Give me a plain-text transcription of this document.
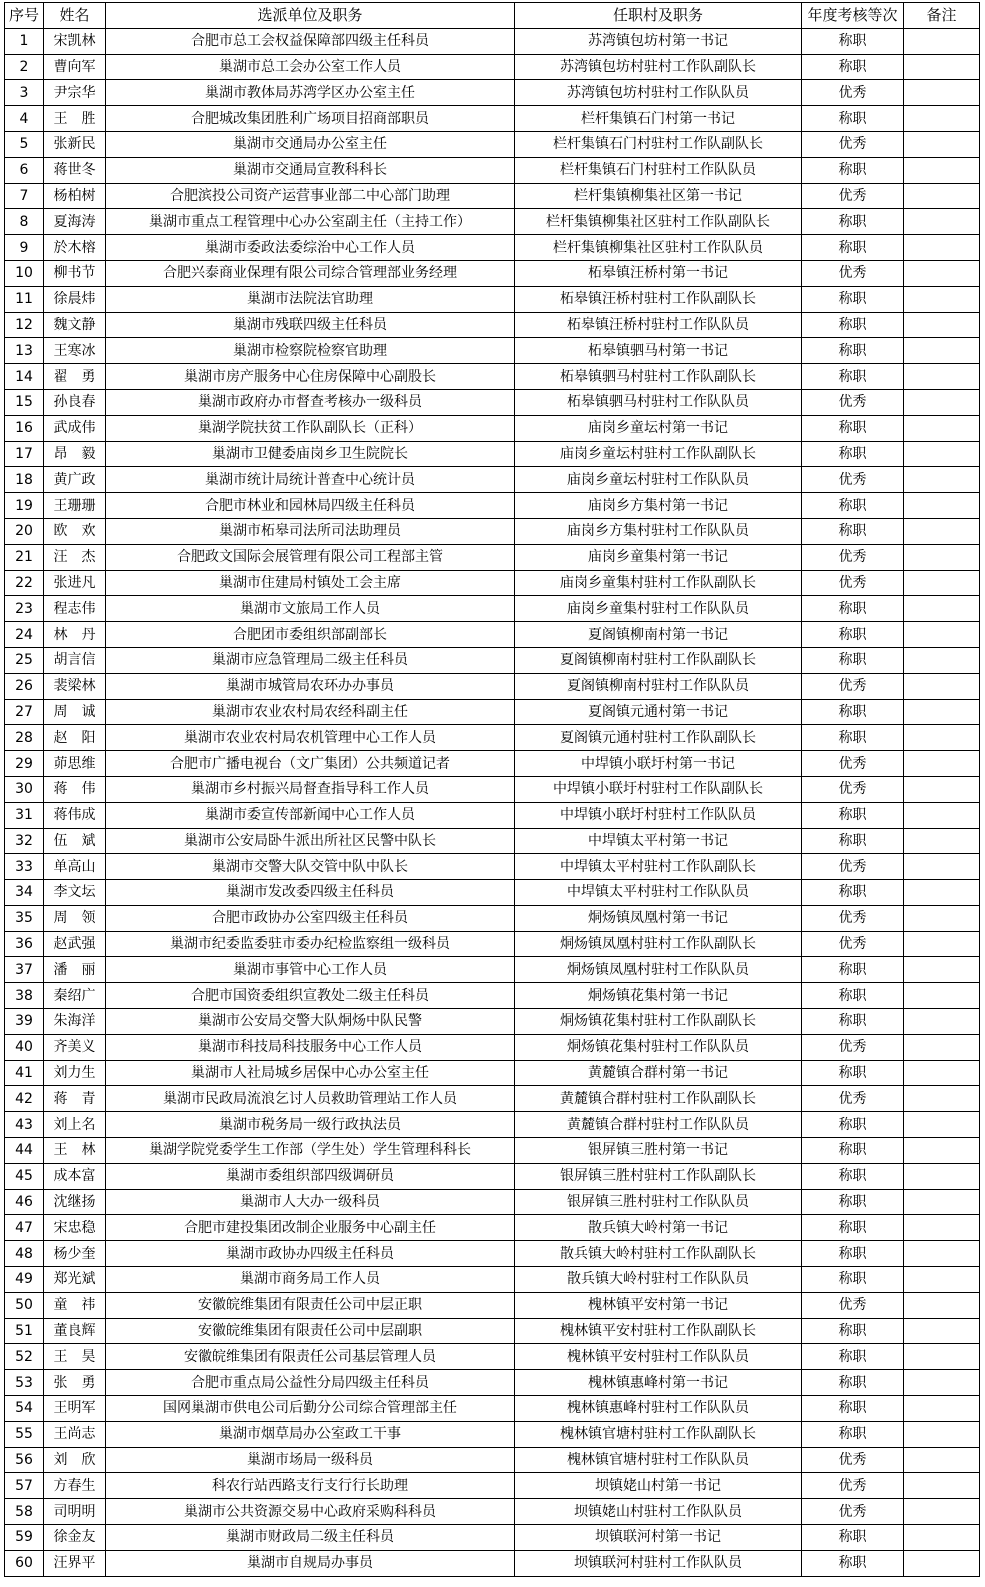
序号	姓名	选派单位及职务	任职村及职务	年度考核等次	备注
1	宋凯林	合肥市总工会权益保障部四级主任科员	苏湾镇包坊村第一书记	称职	
2	曹向军	巢湖市总工会办公室工作人员	苏湾镇包坊村驻村工作队副队长	称职	
3	尹宗华	巢湖市教体局苏湾学区办公室主任	苏湾镇包坊村驻村工作队队员	优秀	
4	王　胜	合肥城改集团胜利广场项目招商部职员	栏杆集镇石门村第一书记	称职	
5	张新民	巢湖市交通局办公室主任	栏杆集镇石门村驻村工作队副队长	优秀	
6	蒋世冬	巢湖市交通局宣教科科长	栏杆集镇石门村驻村工作队队员	称职	
7	杨柏树	合肥滨投公司资产运营事业部二中心部门助理	栏杆集镇柳集社区第一书记	优秀	
8	夏海涛	巢湖市重点工程管理中心办公室副主任（主持工作）	栏杆集镇柳集社区驻村工作队副队长	称职	
9	於木榕	巢湖市委政法委综治中心工作人员	栏杆集镇柳集社区驻村工作队队员	称职	
10	柳书节	合肥兴泰商业保理有限公司综合管理部业务经理	柘皋镇汪桥村第一书记	优秀	
11	徐晨炜	巢湖市法院法官助理	柘皋镇汪桥村驻村工作队副队长	称职	
12	魏文静	巢湖市残联四级主任科员	柘皋镇汪桥村驻村工作队队员	称职	
13	王寒冰	巢湖市检察院检察官助理	柘皋镇驷马村第一书记	称职	
14	翟　勇	巢湖市房产服务中心住房保障中心副股长	柘皋镇驷马村驻村工作队副队长	称职	
15	孙良春	巢湖市政府办市督查考核办一级科员	柘皋镇驷马村驻村工作队队员	优秀	
16	武成伟	巢湖学院扶贫工作队副队长（正科）	庙岗乡童坛村第一书记	称职	
17	昂　毅	巢湖市卫健委庙岗乡卫生院院长	庙岗乡童坛村驻村工作队副队长	称职	
18	黄广政	巢湖市统计局统计普查中心统计员	庙岗乡童坛村驻村工作队队员	优秀	
19	王珊珊	合肥市林业和园林局四级主任科员	庙岗乡方集村第一书记	称职	
20	欧　欢	巢湖市柘皋司法所司法助理员	庙岗乡方集村驻村工作队队员	称职	
21	汪　杰	合肥政文国际会展管理有限公司工程部主管	庙岗乡童集村第一书记	优秀	
22	张进凡	巢湖市住建局村镇处工会主席	庙岗乡童集村驻村工作队副队长	优秀	
23	程志伟	巢湖市文旅局工作人员	庙岗乡童集村驻村工作队队员	称职	
24	林　丹	合肥团市委组织部副部长	夏阁镇柳南村第一书记	称职	
25	胡言信	巢湖市应急管理局二级主任科员	夏阁镇柳南村驻村工作队副队长	称职	
26	裴梁林	巢湖市城管局农环办办事员	夏阁镇柳南村驻村工作队队员	优秀	
27	周　诚	巢湖市农业农村局农经科副主任	夏阁镇元通村第一书记	称职	
28	赵　阳	巢湖市农业农村局农机管理中心工作人员	夏阁镇元通村驻村工作队副队长	称职	
29	茆思维	合肥市广播电视台（文广集团）公共频道记者	中垾镇小联圩村第一书记	优秀	
30	蒋　伟	巢湖市乡村振兴局督查指导科工作人员	中垾镇小联圩村驻村工作队副队长	优秀	
31	蒋伟成	巢湖市委宣传部新闻中心工作人员	中垾镇小联圩村驻村工作队队员	称职	
32	伍　斌	巢湖市公安局卧牛派出所社区民警中队长	中垾镇太平村第一书记	称职	
33	单高山	巢湖市交警大队交管中队中队长	中垾镇太平村驻村工作队副队长	优秀	
34	李文坛	巢湖市发改委四级主任科员	中垾镇太平村驻村工作队队员	称职	
35	周　领	合肥市政协办公室四级主任科员	烔炀镇凤凰村第一书记	优秀	
36	赵武强	巢湖市纪委监委驻市委办纪检监察组一级科员	烔炀镇凤凰村驻村工作队副队长	优秀	
37	潘　丽	巢湖市事管中心工作人员	烔炀镇凤凰村驻村工作队队员	称职	
38	秦绍广	合肥市国资委组织宣教处二级主任科员	烔炀镇花集村第一书记	称职	
39	朱海洋	巢湖市公安局交警大队烔炀中队民警	烔炀镇花集村驻村工作队副队长	称职	
40	齐美义	巢湖市科技局科技服务中心工作人员	烔炀镇花集村驻村工作队队员	优秀	
41	刘力生	巢湖市人社局城乡居保中心办公室主任	黄麓镇合群村第一书记	称职	
42	蒋　青	巢湖市民政局流浪乞讨人员救助管理站工作人员	黄麓镇合群村驻村工作队副队长	优秀	
43	刘上名	巢湖市税务局一级行政执法员	黄麓镇合群村驻村工作队队员	称职	
44	王　林	巢湖学院党委学生工作部（学生处）学生管理科科长	银屏镇三胜村第一书记	称职	
45	成本富	巢湖市委组织部四级调研员	银屏镇三胜村驻村工作队副队长	称职	
46	沈继扬	巢湖市人大办一级科员	银屏镇三胜村驻村工作队队员	称职	
47	宋忠稳	合肥市建投集团改制企业服务中心副主任	散兵镇大岭村第一书记	称职	
48	杨少奎	巢湖市政协办四级主任科员	散兵镇大岭村驻村工作队副队长	称职	
49	郑光斌	巢湖市商务局工作人员	散兵镇大岭村驻村工作队队员	称职	
50	童　祎	安徽皖维集团有限责任公司中层正职	槐林镇平安村第一书记	优秀	
51	董良辉	安徽皖维集团有限责任公司中层副职	槐林镇平安村驻村工作队副队长	称职	
52	王　昊	安徽皖维集团有限责任公司基层管理人员	槐林镇平安村驻村工作队队员	称职	
53	张　勇	合肥市重点局公益性分局四级主任科员	槐林镇惠峰村第一书记	称职	
54	王明军	国网巢湖市供电公司后勤分公司综合管理部主任	槐林镇惠峰村驻村工作队队员	称职	
55	王尚志	巢湖市烟草局办公室政工干事	槐林镇官塘村驻村工作队副队长	称职	
56	刘　欣	巢湖市场局一级科员	槐林镇官塘村驻村工作队队员	优秀	
57	方春生	科农行站西路支行支行行长助理	坝镇姥山村第一书记	优秀	
58	司明明	巢湖市公共资源交易中心政府采购科科员	坝镇姥山村驻村工作队队员	优秀	
59	徐金友	巢湖市财政局二级主任科员	坝镇联河村第一书记	称职	
60	汪界平	巢湖市自规局办事员	坝镇联河村驻村工作队队员	称职	
